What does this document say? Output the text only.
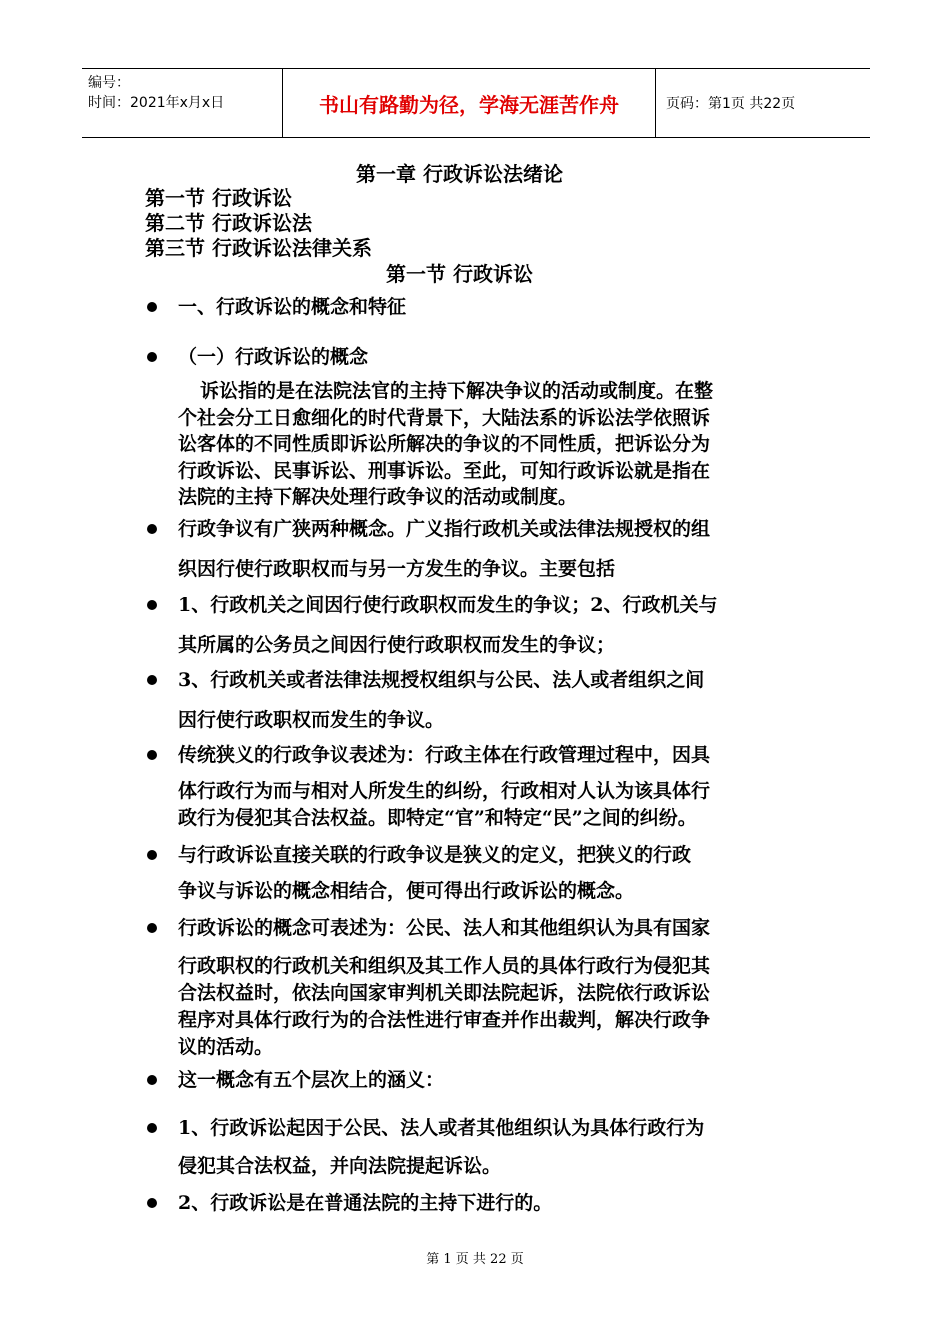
编号：
时间：2021年x月x日	书山有路勤为径，学海无涯苦作舟	页码：第1页 共22页
第一章 行政诉讼法绪论
第一节 行政诉讼
第二节 行政诉讼法
第三节 行政诉讼法律关系
第一节 行政诉讼
一、行政诉讼的概念和特征
（一）行政诉讼的概念
诉讼指的是在法院法官的主持下解决争议的活动或制度。在整
个社会分工日愈细化的时代背景下，大陆法系的诉讼法学依照诉
讼客体的不同性质即诉讼所解决的争议的不同性质，把诉讼分为
行政诉讼、民事诉讼、刑事诉讼。至此，可知行政诉讼就是指在
法院的主持下解决处理行政争议的活动或制度。
行政争议有广狭两种概念。广义指行政机关或法律法规授权的组
织因行使行政职权而与另一方发生的争议。主要包括
1、行政机关之间因行使行政职权而发生的争议；2、行政机关与
其所属的公务员之间因行使行政职权而发生的争议；
3、行政机关或者法律法规授权组织与公民、法人或者组织之间
因行使行政职权而发生的争议。
传统狭义的行政争议表述为：行政主体在行政管理过程中，因具
体行政行为而与相对人所发生的纠纷，行政相对人认为该具体行
政行为侵犯其合法权益。即特定“官”和特定“民”之间的纠纷。
与行政诉讼直接关联的行政争议是狭义的定义，把狭义的行政
争议与诉讼的概念相结合，便可得出行政诉讼的概念。
行政诉讼的概念可表述为：公民、法人和其他组织认为具有国家
行政职权的行政机关和组织及其工作人员的具体行政行为侵犯其
合法权益时，依法向国家审判机关即法院起诉，法院依行政诉讼
程序对具体行政行为的合法性进行审查并作出裁判，解决行政争
议的活动。
这一概念有五个层次上的涵义：
1、行政诉讼起因于公民、法人或者其他组织认为具体行政行为
侵犯其合法权益，并向法院提起诉讼。
2、行政诉讼是在普通法院的主持下进行的。
第 1 页 共 22 页
